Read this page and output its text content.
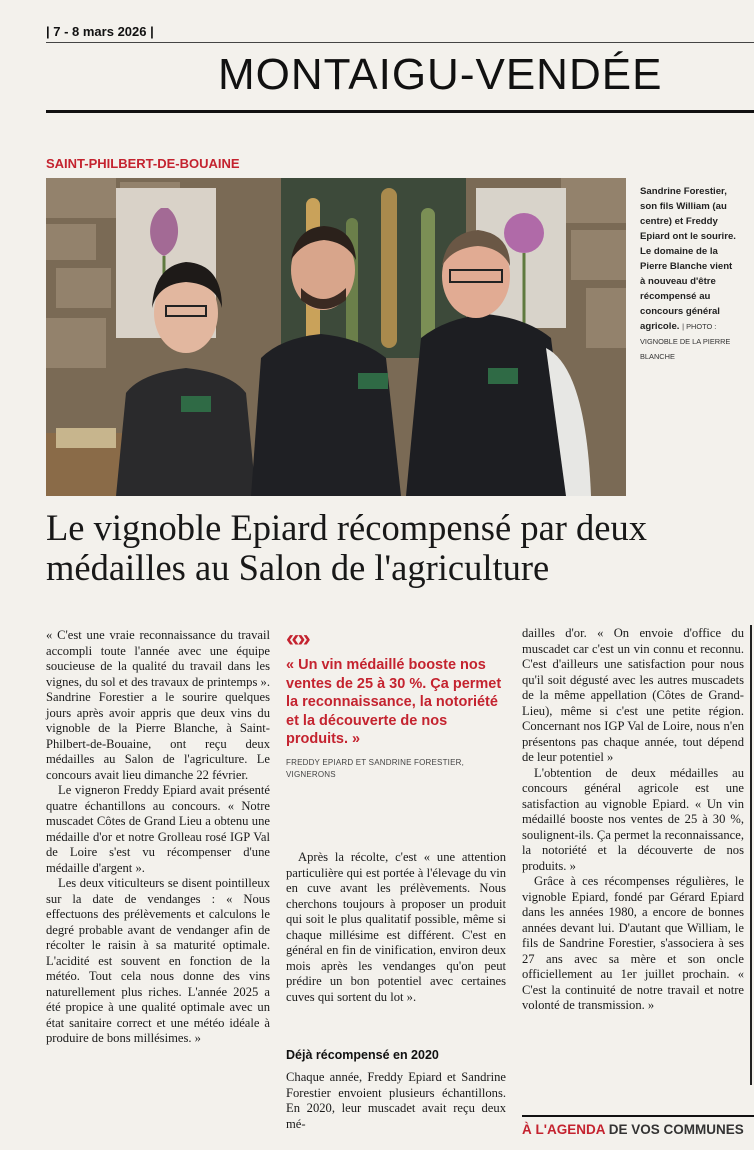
| 7 - 8 mars 2026 |
MONTAIGU-VENDÉE
SAINT-PHILBERT-DE-BOUAINE
Sandrine Forestier, son fils William (au centre) et Freddy Epiard ont le sourire. Le domaine de la Pierre Blanche vient à nouveau d'être récompensé au concours général agricole. | PHOTO : VIGNOBLE DE LA PIERRE BLANCHE
Le vignoble Epiard récompensé par deux médailles au Salon de l'agriculture

« C'est une vraie reconnaissance du travail accompli toute l'année avec une équipe soucieuse de la qualité du travail dans les vignes, du sol et des travaux de printemps ». Sandrine Forestier a le sourire quelques jours après avoir appris que deux vins du vignoble de la Pierre Blanche, à Saint-Philbert-de-Bouaine, ont reçu deux médailles au Salon de l'agriculture. Le concours avait lieu dimanche 22 février.

Le vigneron Freddy Epiard avait présenté quatre échantillons au concours. « Notre muscadet Côtes de Grand Lieu a obtenu une médaille d'or et notre Grolleau rosé IGP Val de Loire s'est vu récompenser d'une médaille d'argent ».

Les deux viticulteurs se disent pointilleux sur la date de vendanges : « Nous effectuons des prélèvements et calculons le degré probable avant de vendanger afin de récolter le raisin à sa maturité optimale. L'acidité est souvent en fonction de la météo. Tout cela nous donne des vins naturellement plus riches. L'année 2025 a été propice à une qualité optimale avec un état sanitaire correct et une météo idéale à produire de bons millésimes. »

«»
« Un vin médaillé booste nos ventes de 25 à 30 %. Ça permet la reconnaissance, la notoriété et la découverte de nos produits. »
FREDDY EPIARD ET SANDRINE FORESTIER, VIGNERONS

Après la récolte, c'est « une attention particulière qui est portée à l'élevage du vin en cuve avant les prélèvements. Nous cherchons toujours à proposer un produit qui soit le plus qualitatif possible, même si chaque millésime est différent. C'est en général en fin de vinification, environ deux mois après les vendanges qu'on peut prédire un bon potentiel avec certaines cuves qui sortent du lot ».

Déjà récompensé en 2020

Chaque année, Freddy Epiard et Sandrine Forestier envoient plusieurs échantillons. En 2020, leur muscadet avait reçu deux mé-

dailles d'or. « On envoie d'office du muscadet car c'est un vin connu et reconnu. C'est d'ailleurs une satisfaction pour nous qu'il soit dégusté avec les autres muscadets de la même appellation (Côtes de Grand-Lieu), même si c'est une petite région. Concernant nos IGP Val de Loire, nous n'en présentons pas chaque année, tout dépend de leur potentiel »

L'obtention de deux médailles au concours général agricole est une satisfaction au vignoble Epiard. « Un vin médaillé booste nos ventes de 25 à 30 %, soulignent-ils. Ça permet la reconnaissance, la notoriété et la découverte de nos produits. »

Grâce à ces récompenses régulières, le vignoble Epiard, fondé par Gérard Epiard dans les années 1980, a encore de bonnes années devant lui. D'autant que William, le fils de Sandrine Forestier, s'associera à ses 27 ans avec sa mère et son oncle officiellement au 1er juillet prochain. « C'est la continuité de notre travail et notre volonté de transmission. »

À L'AGENDA DE VOS COMMUNES
